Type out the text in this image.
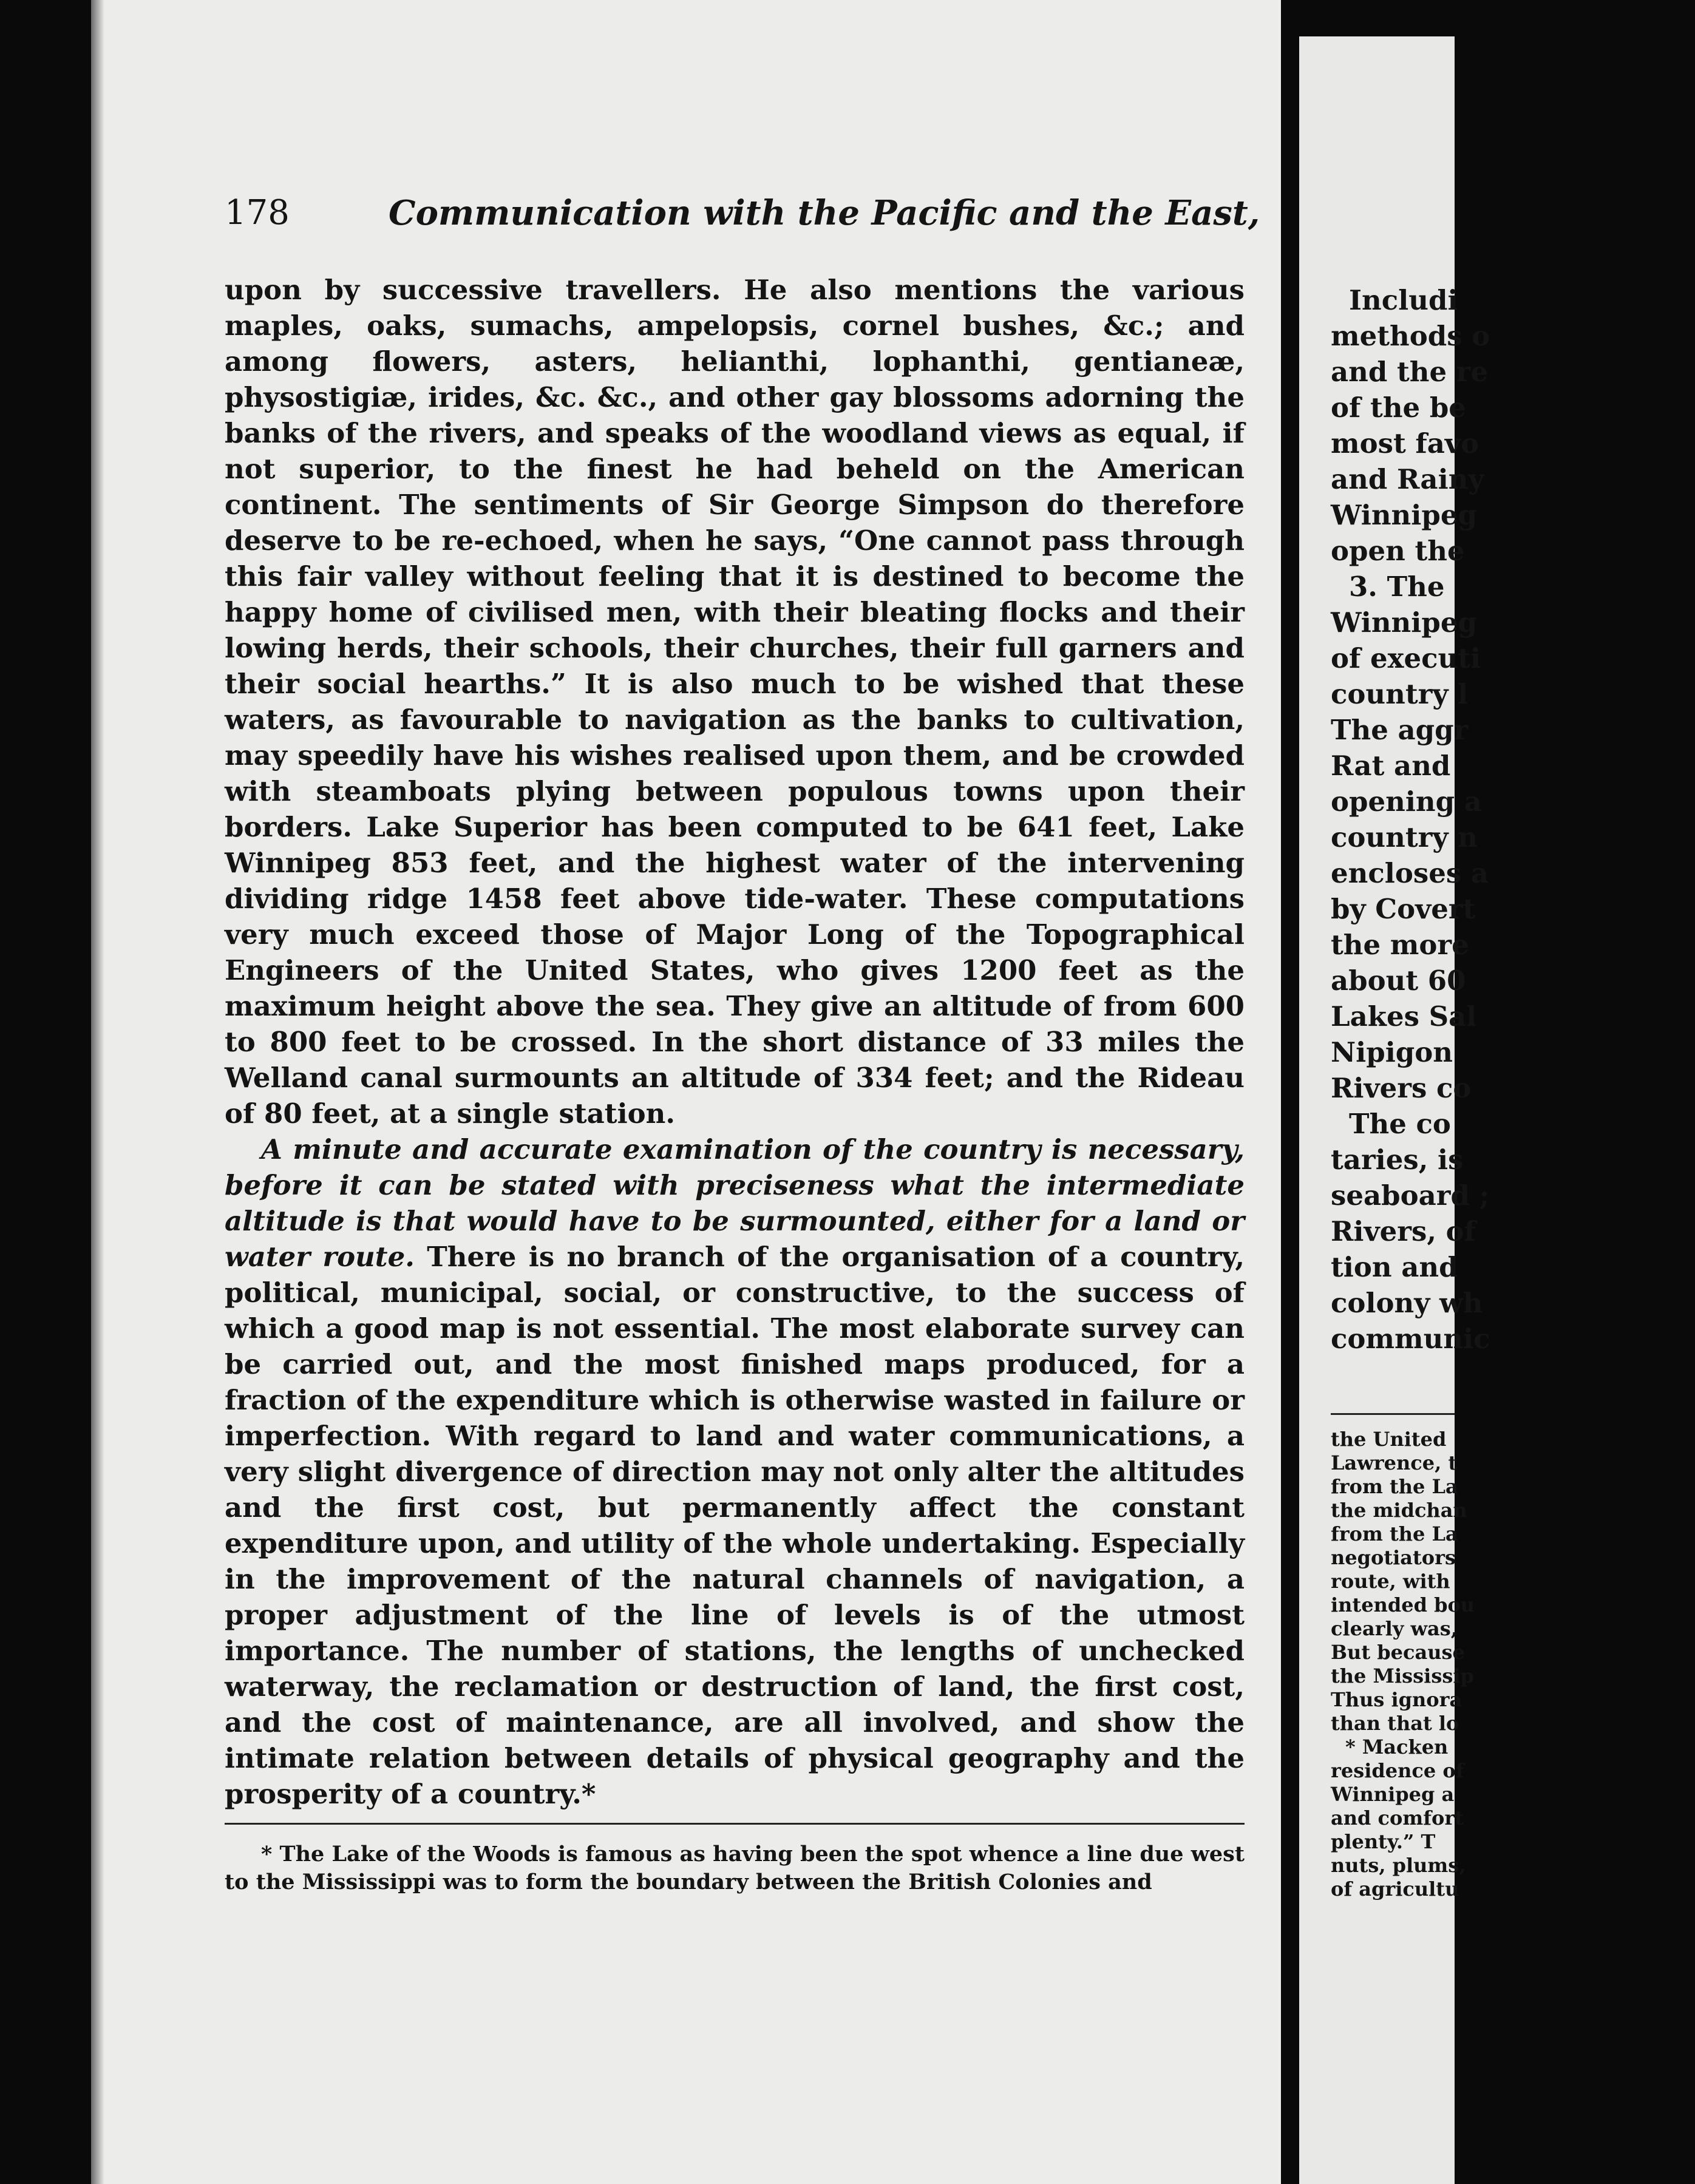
178	Communication with the Pacific and the East,

upon by successive travellers. He also mentions the various maples, oaks, sumachs, ampelopsis, cornel bushes, &c.; and among flowers, asters, helianthi, lophanthi, gentianeæ, physostigiæ, irides, &c. &c., and other gay blossoms adorning the banks of the rivers, and speaks of the woodland views as equal, if not superior, to the finest he had beheld on the American continent. The sentiments of Sir George Simpson do therefore deserve to be re-echoed, when he says, “One cannot pass through this fair valley without feeling that it is destined to become the happy home of civilised men, with their bleating flocks and their lowing herds, their schools, their churches, their full garners and their social hearths.” It is also much to be wished that these waters, as favourable to navigation as the banks to cultivation, may speedily have his wishes realised upon them, and be crowded with steamboats plying between populous towns upon their borders. Lake Superior has been computed to be 641 feet, Lake Winnipeg 853 feet, and the highest water of the intervening dividing ridge 1458 feet above tide-water. These computations very much exceed those of Major Long of the Topographical Engineers of the United States, who gives 1200 feet as the maximum height above the sea. They give an altitude of from 600 to 800 feet to be crossed. In the short distance of 33 miles the Welland canal surmounts an altitude of 334 feet; and the Rideau of 80 feet, at a single station.

A minute and accurate examination of the country is necessary, before it can be stated with preciseness what the intermediate altitude is that would have to be surmounted, either for a land or water route. There is no branch of the organisation of a country, political, municipal, social, or constructive, to the success of which a good map is not essential. The most elaborate survey can be carried out, and the most finished maps produced, for a fraction of the expenditure which is otherwise wasted in failure or imperfection. With regard to land and water communications, a very slight divergence of direction may not only alter the altitudes and the first cost, but permanently affect the constant expenditure upon, and utility of the whole undertaking. Especially in the improvement of the natural channels of navigation, a proper adjustment of the line of levels is of the utmost importance. The number of stations, the lengths of unchecked waterway, the reclamation or destruction of land, the first cost, and the cost of maintenance, are all involved, and show the intimate relation between details of physical geography and the prosperity of a country.*

* The Lake of the Woods is famous as having been the spot whence a line due west to the Mississippi was to form the boundary between the British Colonies and

Includi
methods o
and the re
of the be
most favo
and Rainy
Winnipeg
open the
3. The
Winnipeg
of executi
country l
The aggr
Rat and
opening a
country n
encloses a
by Covert
the more
about 60
Lakes Sal
Nipigon
Rivers co
The co
taries, is
seaboard ;
Rivers, of
tion and
colony wh
communic
the United
Lawrence, t
from the La
the midchan
from the La
negotiators
route, with
intended bou
clearly was,
But because
the Mississip
Thus ignora
than that lo
* Macken
residence of
Winnipeg a
and comfort
plenty.” T
nuts, plums,
of agricultu
